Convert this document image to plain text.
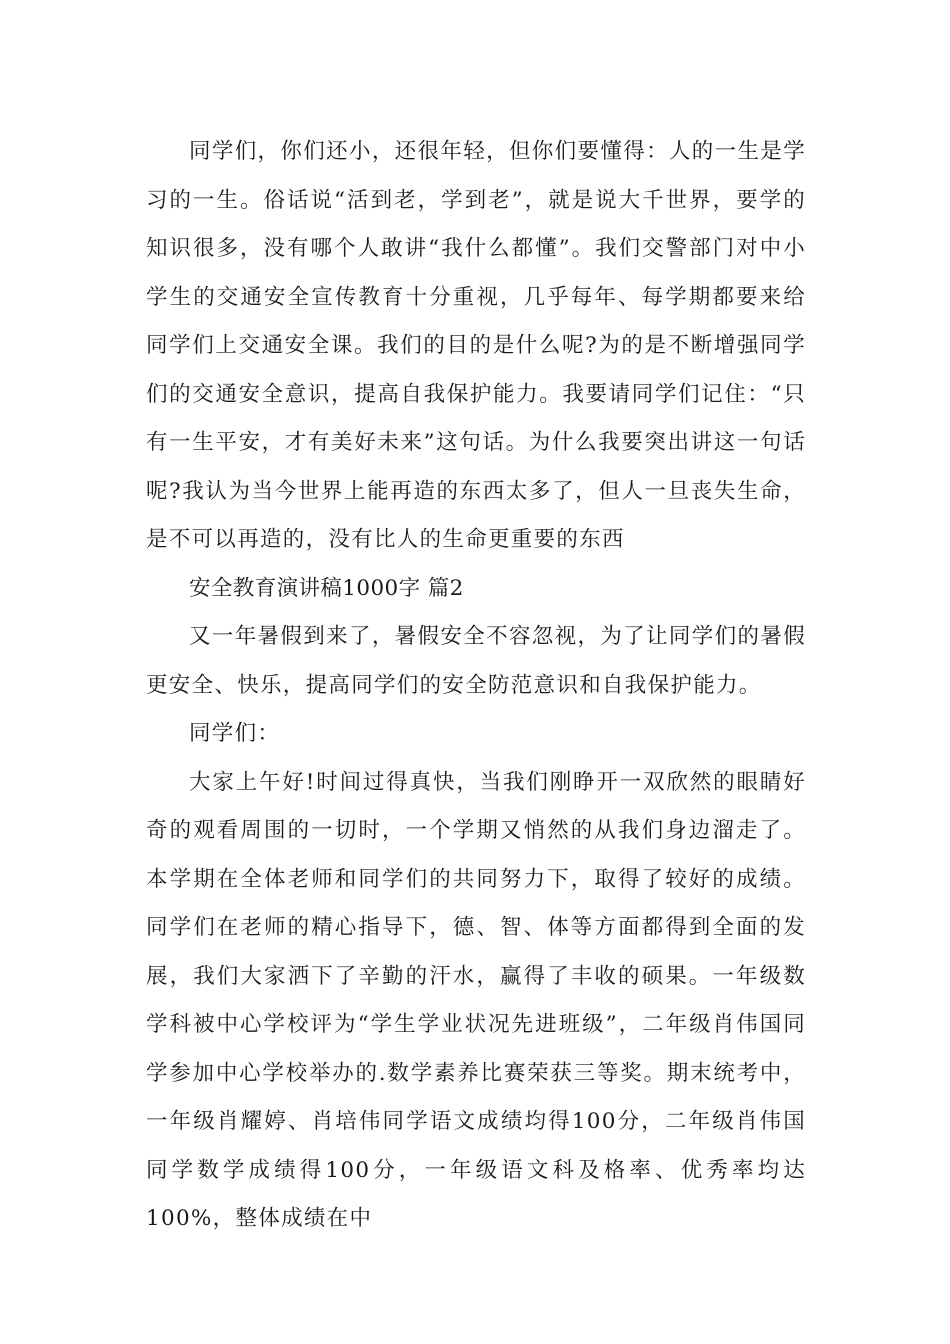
同学们，你们还小，还很年轻，但你们要懂得：人的一生是学习的一生。俗话说“活到老，学到老”，就是说大千世界，要学的知识很多，没有哪个人敢讲“我什么都懂”。我们交警部门对中小学生的交通安全宣传教育十分重视，几乎每年、每学期都要来给同学们上交通安全课。我们的目的是什么呢?为的是不断增强同学们的交通安全意识，提高自我保护能力。我要请同学们记住：“只有一生平安，才有美好未来”这句话。为什么我要突出讲这一句话呢?我认为当今世界上能再造的东西太多了，但人一旦丧失生命，是不可以再造的，没有比人的生命更重要的东西

安全教育演讲稿1000字 篇2

又一年暑假到来了，暑假安全不容忽视，为了让同学们的暑假更安全、快乐，提高同学们的安全防范意识和自我保护能力。

同学们：

大家上午好!时间过得真快，当我们刚睁开一双欣然的眼睛好奇的观看周围的一切时，一个学期又悄然的从我们身边溜走了。本学期在全体老师和同学们的共同努力下，取得了较好的成绩。同学们在老师的精心指导下，德、智、体等方面都得到全面的发展，我们大家洒下了辛勤的汗水，赢得了丰收的硕果。一年级数学科被中心学校评为“学生学业状况先进班级”，二年级肖伟国同学参加中心学校举办的.数学素养比赛荣获三等奖。期末统考中，一年级肖耀婷、肖培伟同学语文成绩均得100分，二年级肖伟国同学数学成绩得100分，一年级语文科及格率、优秀率均达100%，整体成绩在中
